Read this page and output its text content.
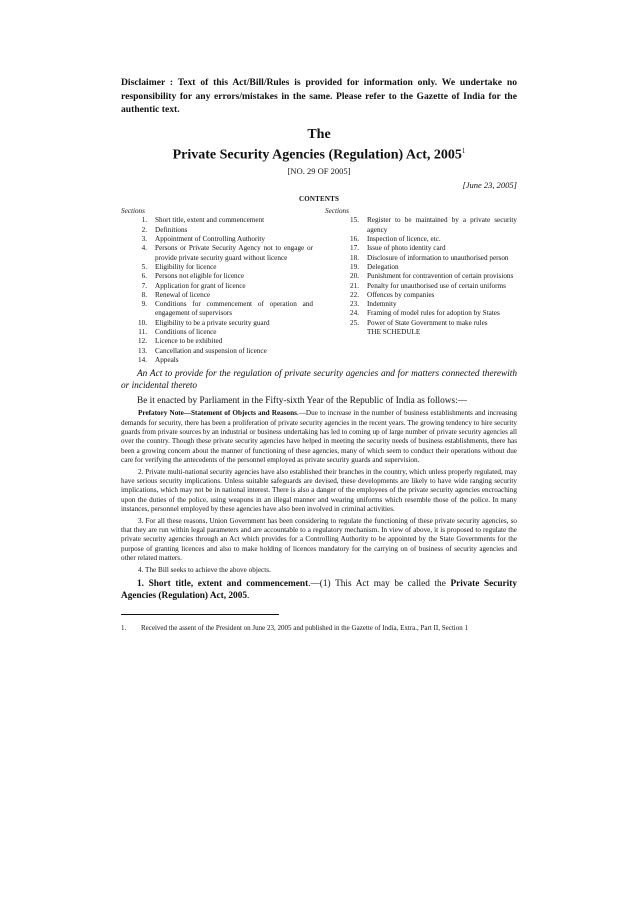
Disclaimer : Text of this Act/Bill/Rules is provided for information only. We undertake no responsibility for any errors/mistakes in the same. Please refer to the Gazette of India for the authentic text.

The
Private Security Agencies (Regulation) Act, 2005$^1$
[NO. 29 OF 2005]
[June 23, 2005]
CONTENTS
Sections
1.	Short title, extent and commencement
2.	Definitions
3.	Appointment of Controlling Authority
4.	Persons or Private Security Agency not to engage or provide private security guard without licence
5.	Eligibility for licence
6.	Persons not eligible for licence
7.	Application for grant of licence
8.	Renewal of licence
9.	Conditions for commencement of operation and engagement of supervisors
10.	Eligibility to be a private security guard
11.	Conditions of licence
12.	Licence to be exhibited
13.	Cancellation and suspension of licence
14.	Appeals
Sections
15.	Register to be maintained by a private security agency
16.	Inspection of licence, etc.
17.	Issue of photo identity card
18.	Disclosure of information to unauthorised person
19.	Delegation
20.	Punishment for contravention of certain provisions
21.	Penalty for unauthorised use of certain uniforms
22.	Offences by companies
23.	Indemnity
24.	Framing of model rules for adoption by States
25.	Power of State Government to make rules
THE SCHEDULE

An Act to provide for the regulation of private security agencies and for matters connected therewith or incidental thereto

Be it enacted by Parliament in the Fifty-sixth Year of the Republic of India as follows:—

Prefatory Note—Statement of Objects and Reasons.—Due to increase in the number of business establishments and increasing demands for security, there has been a proliferation of private security agencies in the recent years. The growing tendency to hire security guards from private sources by an industrial or business undertaking has led to coming up of large number of private security agencies all over the country. Though these private security agencies have helped in meeting the security needs of business establishments, there has been a growing concern about the manner of functioning of these agencies, many of which seem to conduct their operations without due care for verifying the antecedents of the personnel employed as private security guards and supervision.

2. Private multi-national security agencies have also established their branches in the country, which unless properly regulated, may have serious security implications. Unless suitable safeguards are devised, these developments are likely to have wide ranging security implications, which may not be in national interest. There is also a danger of the employees of the private security agencies encroaching upon the duties of the police, using weapons in an illegal manner and wearing uniforms which resemble those of the police. In many instances, personnel employed by these agencies have also been involved in criminal activities.

3. For all these reasons, Union Government has been considering to regulate the functioning of these private security agencies, so that they are run within legal parameters and are accountable to a regulatory mechanism. In view of above, it is proposed to regulate the private security agencies through an Act which provides for a Controlling Authority to be appointed by the State Governments for the purpose of granting licences and also to make holding of licences mandatory for the carrying on of business of security agencies and other related matters.

4. The Bill seeks to achieve the above objects.

1. Short title, extent and commencement.—(1) This Act may be called the Private Security Agencies (Regulation) Act, 2005.

1.	Received the assent of the President on June 23, 2005 and published in the Gazette of India, Extra., Part II, Section 1
